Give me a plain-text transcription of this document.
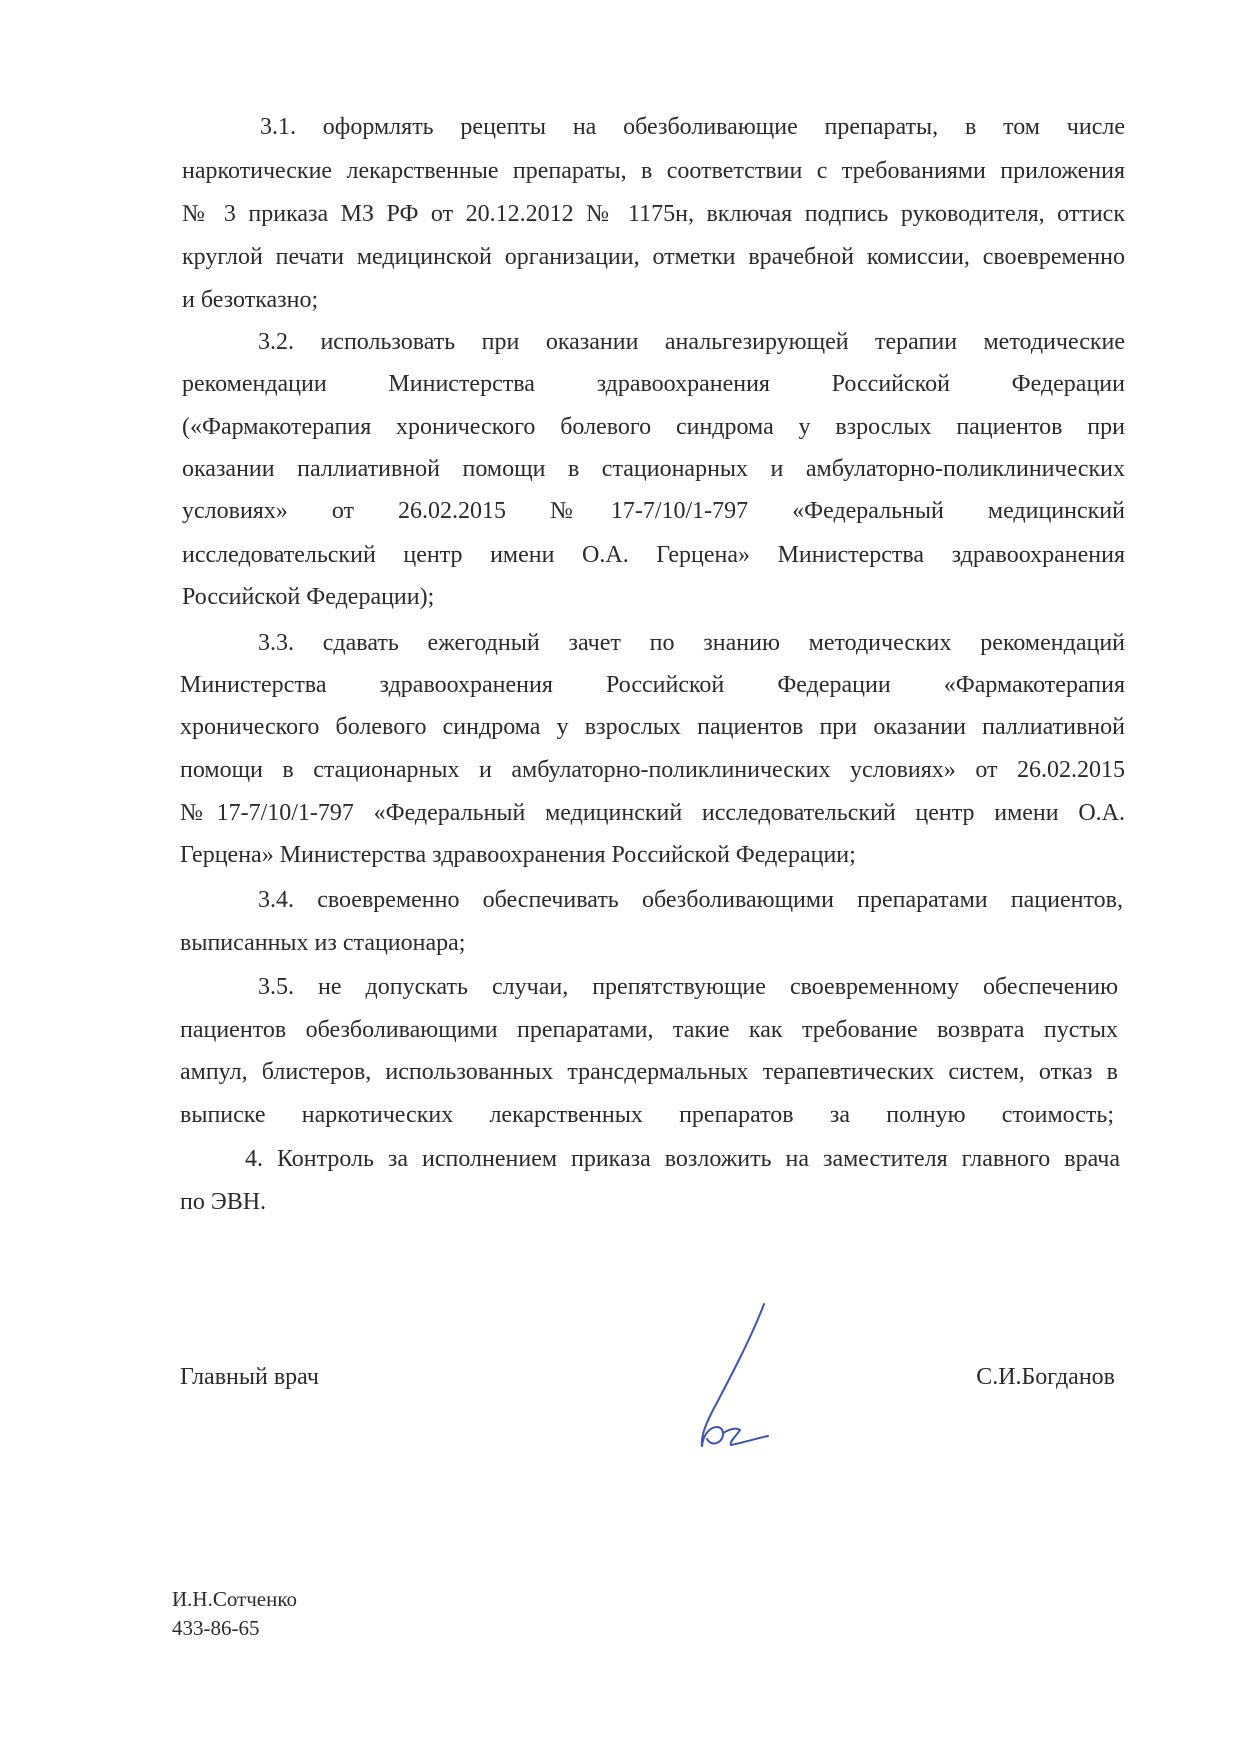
3.1. оформлять рецепты на обезболивающие препараты, в том числе
наркотические лекарственные препараты, в соответствии с требованиями приложения
№ 3 приказа МЗ РФ от 20.12.2012 № 1175н, включая подпись руководителя, оттиск
круглой печати медицинской организации, отметки врачебной комиссии, своевременно
и безотказно;
3.2. использовать при оказании анальгезирующей терапии методические
рекомендации Министерства здравоохранения Российской Федерации
(«Фармакотерапия хронического болевого синдрома у взрослых пациентов при
оказании паллиативной помощи в стационарных и амбулаторно-поликлинических
условиях» от 26.02.2015 №17-7/10/1-797 «Федеральный медицинский
исследовательский центр имени О.А. Герцена» Министерства здравоохранения
Российской Федерации);
3.3. сдавать ежегодный зачет по знанию методических рекомендаций
Министерства здравоохранения Российской Федерации «Фармакотерапия
хронического болевого синдрома у взрослых пациентов при оказании паллиативной
помощи в стационарных и амбулаторно-поликлинических условиях» от 26.02.2015
№17-7/10/1-797 «Федеральный медицинский исследовательский центр имени О.А.
Герцена» Министерства здравоохранения Российской Федерации;
3.4. своевременно обеспечивать обезболивающими препаратами пациентов,
выписанных из стационара;
3.5. не допускать случаи, препятствующие своевременному обеспечению
пациентов обезболивающими препаратами, такие как требование возврата пустых
ампул, блистеров, использованных трансдермальных терапевтических систем, отказ в
выписке наркотических лекарственных препаратов за полную стоимость;
4. Контроль за исполнением приказа возложить на заместителя главного врача
по ЭВН.
Главный врач	С.И.Богданов
И.Н.Сотченко
433-86-65
